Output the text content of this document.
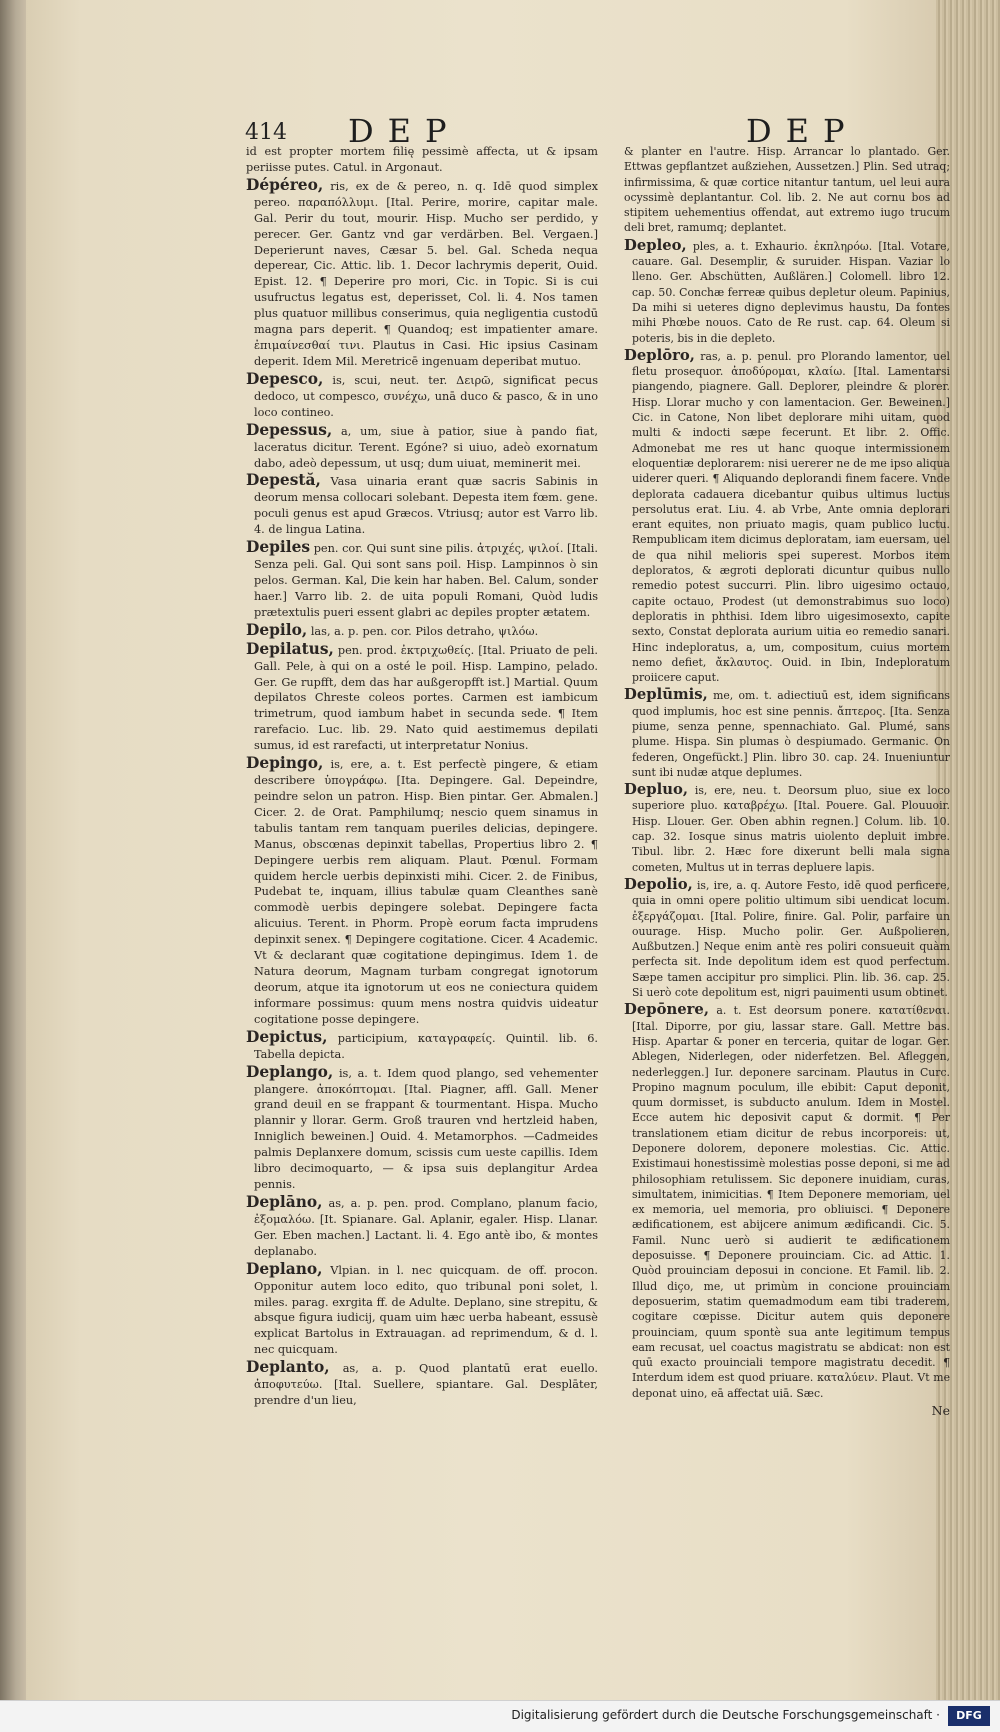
414 DEP	DEP

id est propter mortem filię pessimè affecta, ut & ipsam periisse putes. Catul. in Argonaut.

Dépéreo, ris, ex de & pereo, n. q. Idē quod simplex pereo. παραπόλλυμι. [Ital. Perire, morire, capitar male. Gal. Perir du tout, mourir. Hisp. Mucho ser perdido, y perecer. Ger. Gantz vnd gar verdärben. Bel. Vergaen.] Deperierunt naves, Cæsar 5. bel. Gal. Scheda nequa deperear, Cic. Attic. lib. 1. Decor lachrymis deperit, Ouid. Epist. 12. ¶ Deperire pro mori, Cic. in Topic. Si is cui usufructus legatus est, deperisset, Col. li. 4. Nos tamen plus quatuor millibus conserimus, quia negligentia custodū magna pars deperit. ¶ Quandoq; est impatienter amare. ἐπιμαίνεσθαί τινι. Plautus in Casi. Hic ipsius Casinam deperit. Idem Mil. Meretricē ingenuam deperibat mutuo.

Depesco, is, scui, neut. ter. Δειρῶ, significat pecus dedoco, ut compesco, συνέχω, unā duco & pasco, & in uno loco contineo.

Depessus, a, um, siue à patior, siue à pando fiat, laceratus dicitur. Terent. Egóne? si uiuo, adeò exornatum dabo, adeò depessum, ut usq; dum uiuat, meminerit mei.

Depestă, Vasa uinaria erant quæ sacris Sabinis in deorum mensa collocari solebant. Depesta item fœm. gene. poculi genus est apud Græcos. Vtriusq; autor est Varro lib. 4. de lingua Latina.

Depiles pen. cor. Qui sunt sine pilis. ἀτριχές, ψιλοί. [Itali. Senza peli. Gal. Qui sont sans poil. Hisp. Lampinnos ò sin pelos. German. Kal, Die kein har haben. Bel. Calum, sonder haer.] Varro lib. 2. de uita populi Romani, Quòd ludis prætextulis pueri essent glabri ac depiles propter ætatem.

Depilo, las, a. p. pen. cor. Pilos detraho, ψιλόω.

Depilatus, pen. prod. ἐκτριχωθείς. [Ital. Priuato de peli. Gall. Pele, à qui on a osté le poil. Hisp. Lampino, pelado. Ger. Ge rupfft, dem das har außgeropfft ist.] Martial. Quum depilatos Chreste coleos portes. Carmen est iambicum trimetrum, quod iambum habet in secunda sede. ¶ Item rarefacio. Luc. lib. 29. Nato quid aestimemus depilati sumus, id est rarefacti, ut interpretatur Nonius.

Depingo, is, ere, a. t. Est perfectè pingere, & etiam describere ὑπογράφω. [Ita. Depingere. Gal. Depeindre, peindre selon un patron. Hisp. Bien pintar. Ger. Abmalen.] Cicer. 2. de Orat. Pamphilumq; nescio quem sinamus in tabulis tantam rem tanquam pueriles delicias, depingere. Manus, obscœnas depinxit tabellas, Propertius libro 2. ¶ Depingere uerbis rem aliquam. Plaut. Pœnul. Formam quidem hercle uerbis depinxisti mihi. Cicer. 2. de Finibus, Pudebat te, inquam, illius tabulæ quam Cleanthes sanè commodè uerbis depingere solebat. Depingere facta alicuius. Terent. in Phorm. Propè eorum facta imprudens depinxit senex. ¶ Depingere cogitatione. Cicer. 4 Academic. Vt & declarant quæ cogitatione depingimus. Idem 1. de Natura deorum, Magnam turbam congregat ignotorum deorum, atque ita ignotorum ut eos ne coniectura quidem informare possimus: quum mens nostra quidvis uideatur cogitatione posse depingere.

Depictus, participium, καταγραφείς. Quintil. lib. 6. Tabella depicta.

Deplango, is, a. t. Idem quod plango, sed vehementer plangere. ἀποκόπτομαι. [Ital. Piagner, affl. Gall. Mener grand deuil en se frappant & tourmentant. Hispa. Mucho plannir y llorar. Germ. Groß trauren vnd hertzleid haben, Inniglich beweinen.] Ouid. 4. Metamorphos. —Cadmeides palmis Deplanxere domum, scissis cum ueste capillis. Idem libro decimoquarto, — & ipsa suis deplangitur Ardea pennis.

Deplāno, as, a. p. pen. prod. Complano, planum facio, ἐξομαλόω. [It. Spianare. Gal. Aplanir, egaler. Hisp. Llanar. Ger. Eben machen.] Lactant. li. 4. Ego antè ibo, & montes deplanabo.

Deplano, Vlpian. in l. nec quicquam. de off. procon. Opponitur autem loco edito, quo tribunal poni solet, l. miles. parag. exrgita ff. de Adulte. Deplano, sine strepitu, & absque figura iudicij, quam uim hæc uerba habeant, essusè explicat Bartolus in Extrauagan. ad reprimendum, & d. l. nec quicquam.

Deplanto, as, a. p. Quod plantatū erat euello. ἀποφυτεύω. [Ital. Suellere, spiantare. Gal. Desplāter, prendre d'un lieu,

& planter en l'autre. Hisp. Arrancar lo plantado. Ger. Ettwas gepflantzet außziehen, Aussetzen.] Plin. Sed utraq; infirmissima, & quæ cortice nitantur tantum, uel leui aura ocyssimè deplantantur. Col. lib. 2. Ne aut cornu bos ad stipitem uehementius offendat, aut extremo iugo trucum deli bret, ramumq; deplantet.

Depleo, ples, a. t. Exhaurio. ἐκπληρόω. [Ital. Votare, cauare. Gal. Desemplir, & suruider. Hispan. Vaziar lo lleno. Ger. Abschütten, Außlären.] Colomell. libro 12. cap. 50. Conchæ ferreæ quibus depletur oleum. Papinius, Da mihi si ueteres digno deplevimus haustu, Da fontes mihi Phœbe nouos. Cato de Re rust. cap. 64. Oleum si poteris, bis in die depleto.

Deplōro, ras, a. p. penul. pro Plorando lamentor, uel fletu prosequor. ἀποδύρομαι, κλαίω. [Ital. Lamentarsi piangendo, piagnere. Gall. Deplorer, pleindre & plorer. Hisp. Llorar mucho y con lamentacion. Ger. Beweinen.] Cic. in Catone, Non libet deplorare mihi uitam, quod multi & indocti sæpe fecerunt. Et libr. 2. Offic. Admonebat me res ut hanc quoque intermissionem eloquentiæ deplorarem: nisi uererer ne de me ipso aliqua uiderer queri. ¶ Aliquando deplorandi finem facere. Vnde deplorata cadauera dicebantur quibus ultimus luctus persolutus erat. Liu. 4. ab Vrbe, Ante omnia deplorari erant equites, non priuato magis, quam publico luctu. Rempublicam item dicimus deploratam, iam euersam, uel de qua nihil melioris spei superest. Morbos item deploratos, & ægroti deplorati dicuntur quibus nullo remedio potest succurri. Plin. libro uigesimo octauo, capite octauo, Prodest (ut demonstrabimus suo loco) deploratis in phthisi. Idem libro uigesimosexto, capite sexto, Constat deplorata aurium uitia eo remedio sanari. Hinc indeploratus, a, um, compositum, cuius mortem nemo defiet, ἄκλαυτος. Ouid. in Ibin, Indeploratum proiicere caput.

Deplūmis, me, om. t. adiectiuū est, idem significans quod implumis, hoc est sine pennis. ἄπτερος. [Ita. Senza piume, senza penne, spennachiato. Gal. Plumé, sans plume. Hispa. Sin plumas ò despiumado. Germanic. On federen, Ongefückt.] Plin. libro 30. cap. 24. Inueniuntur sunt ibi nudæ atque deplumes.

Depluo, is, ere, neu. t. Deorsum pluo, siue ex loco superiore pluo. καταβρέχω. [Ital. Pouere. Gal. Plouuoir. Hisp. Llouer. Ger. Oben abhin regnen.] Colum. lib. 10. cap. 32. Iosque sinus matris uiolento depluit imbre. Tibul. libr. 2. Hæc fore dixerunt belli mala signa cometen, Multus ut in terras depluere lapis.

Depolio, is, ire, a. q. Autore Festo, idē quod perficere, quia in omni opere politio ultimum sibi uendicat locum. ἐξεργάζομαι. [Ital. Polire, finire. Gal. Polir, parfaire un ouurage. Hisp. Mucho polir. Ger. Außpolieren, Außbutzen.] Neque enim antè res poliri consueuit quàm perfecta sit. Inde depolitum idem est quod perfectum. Sæpe tamen accipitur pro simplici. Plin. lib. 36. cap. 25. Si uerò cote depolitum est, nigri pauimenti usum obtinet.

Depōnere, a. t. Est deorsum ponere. κατατίθεναι. [Ital. Diporre, por giu, lassar stare. Gall. Mettre bas. Hisp. Apartar & poner en terceria, quitar de logar. Ger. Ablegen, Niderlegen, oder niderfetzen. Bel. Afleggen, nederleggen.] Iur. deponere sarcinam. Plautus in Curc. Propino magnum poculum, ille ebibit: Caput deponit, quum dormisset, is subducto anulum. Idem in Mostel. Ecce autem hic deposivit caput & dormit. ¶ Per translationem etiam dicitur de rebus incorporeis: ut, Deponere dolorem, deponere molestias. Cic. Attic. Existimaui honestissimè molestias posse deponi, si me ad philosophiam retulissem. Sic deponere inuidiam, curas, simultatem, inimicitias. ¶ Item Deponere memoriam, uel ex memoria, uel memoria, pro obliuisci. ¶ Deponere ædificationem, est abijcere animum ædificandi. Cic. 5. Famil. Nunc uerò si audierit te ædificationem deposuisse. ¶ Deponere prouinciam. Cic. ad Attic. 1. Quòd prouinciam deposui in concione. Et Famil. lib. 2. Illud diço, me, ut primùm in concione prouinciam deposuerim, statim quemadmodum eam tibi traderem, cogitare cœpisse. Dicitur autem quis deponere prouinciam, quum spontè sua ante legitimum tempus eam recusat, uel coactus magistratu se abdicat: non est quū exacto prouinciali tempore magistratu decedit. ¶ Interdum idem est quod priuare. καταλύειν. Plaut. Vt me deponat uino, eā affectat uiā. Sæc.

Ne

Digitalisierung gefördert durch die Deutsche Forschungsgemeinschaft ·	DFG
